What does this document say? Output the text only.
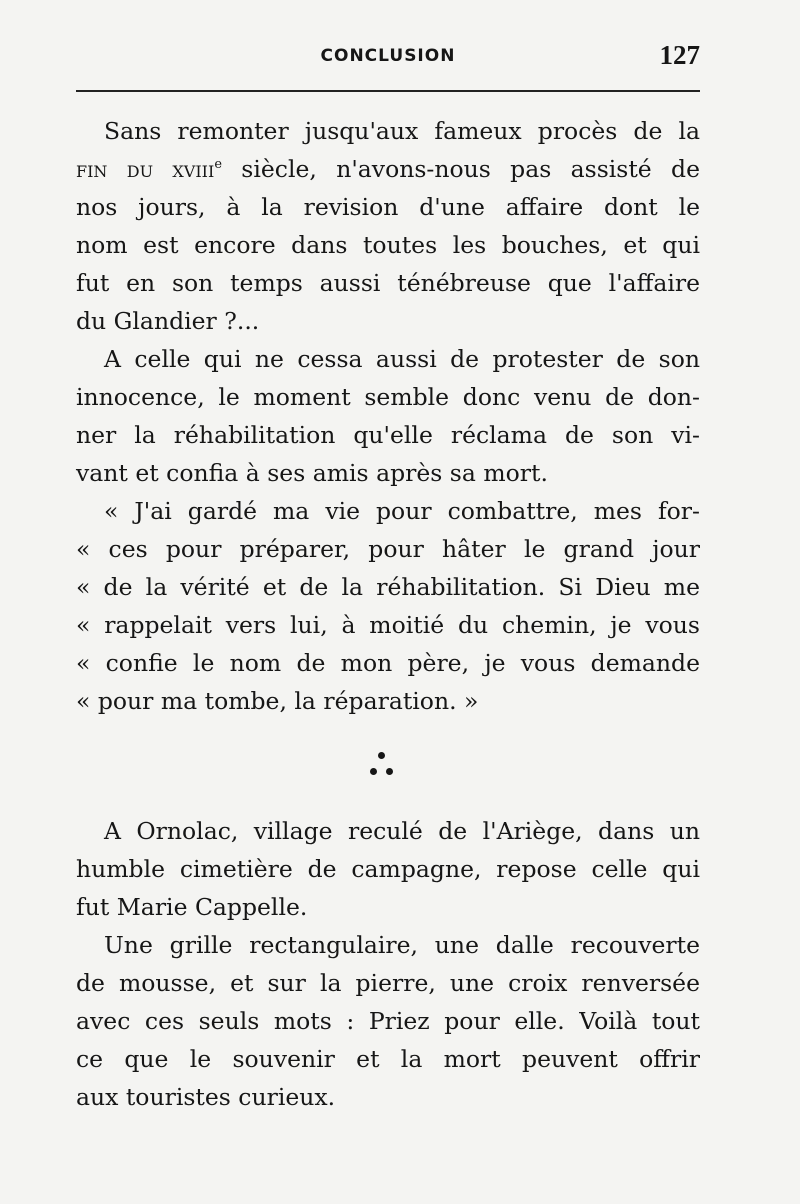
CONCLUSION	127
Sans remonter jusqu'aux fameux procès de la
fin du xviii$^e$ siècle, n'avons-nous pas assisté de
nos jours, à la revision d'une affaire dont le
nom est encore dans toutes les bouches, et qui
fut en son temps aussi ténébreuse que l'affaire
du Glandier ?...
A celle qui ne cessa aussi de protester de son
innocence, le moment semble donc venu de don-
ner la réhabilitation qu'elle réclama de son vi-
vant et confia à ses amis après sa mort.
« J'ai gardé ma vie pour combattre, mes for-
« ces pour préparer, pour hâter le grand jour
« de la vérité et de la réhabilitation. Si Dieu me
« rappelait vers lui, à moitié du chemin, je vous
« confie le nom de mon père, je vous demande
« pour ma tombe, la réparation. »
A Ornolac, village reculé de l'Ariège, dans un
humble cimetière de campagne, repose celle qui
fut Marie Cappelle.
Une grille rectangulaire, une dalle recouverte
de mousse, et sur la pierre, une croix renversée
avec ces seuls mots : Priez pour elle. Voilà tout
ce que le souvenir et la mort peuvent offrir
aux touristes curieux.
